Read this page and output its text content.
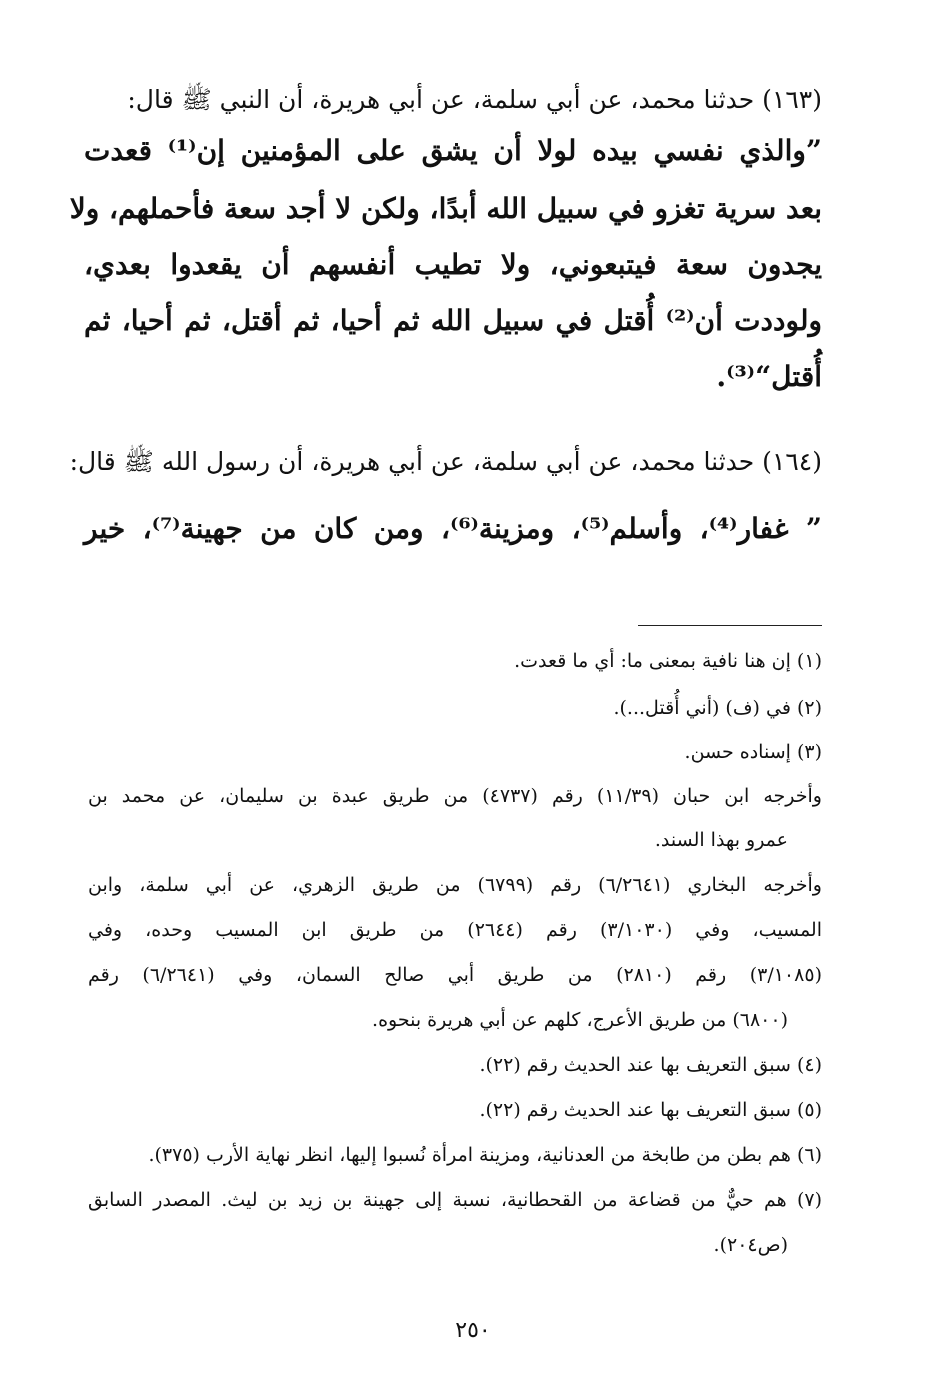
(١٦٣) حدثنا محمد، عن أبي سلمة، عن أبي هريرة، أن النبي ﷺ قال:
”والذي نفسي بيده لولا أن يشق على المؤمنين إن⁽¹⁾ قعدت
بعد سرية تغزو في سبيل الله أبدًا، ولكن لا أجد سعة فأحملهم، ولا
يجدون سعة فيتبعوني، ولا تطيب أنفسهم أن يقعدوا بعدي،
ولوددت أن⁽²⁾ أُقتل في سبيل الله ثم أحيا، ثم أقتل، ثم أحيا، ثم
أُقتل“⁽³⁾.
(١٦٤) حدثنا محمد، عن أبي سلمة، عن أبي هريرة، أن رسول الله ﷺ قال:
” غفار⁽⁴⁾، وأسلم⁽⁵⁾، ومزينة⁽⁶⁾، ومن كان من جهينة⁽⁷⁾، خير
(١) إن هنا نافية بمعنى ما: أي ما قعدت.
(٢) في (ف) (أني أُقتل...).
(٣) إسناده حسن.
وأخرجه ابن حبان (١١/٣٩) رقم (٤٧٣٧) من طريق عبدة بن سليمان، عن محمد بن
عمرو بهذا السند.
وأخرجه البخاري (٦/٢٦٤١) رقم (٦٧٩٩) من طريق الزهري، عن أبي سلمة، وابن
المسيب، وفي (٣/١٠٣٠) رقم (٢٦٤٤) من طريق ابن المسيب وحده، وفي
(٣/١٠٨٥) رقم (٢٨١٠) من طريق أبي صالح السمان، وفي (٦/٢٦٤١) رقم
(٦٨٠٠) من طريق الأعرج، كلهم عن أبي هريرة بنحوه.
(٤) سبق التعريف بها عند الحديث رقم (٢٢).
(٥) سبق التعريف بها عند الحديث رقم (٢٢).
(٦) هم بطن من طابخة من العدنانية، ومزينة امرأة نُسبوا إليها، انظر نهاية الأرب (٣٧٥).
(٧) هم حيٌّ من قضاعة من القحطانية، نسبة إلى جهينة بن زيد بن ليث. المصدر السابق
(ص٢٠٤).
٢٥٠
